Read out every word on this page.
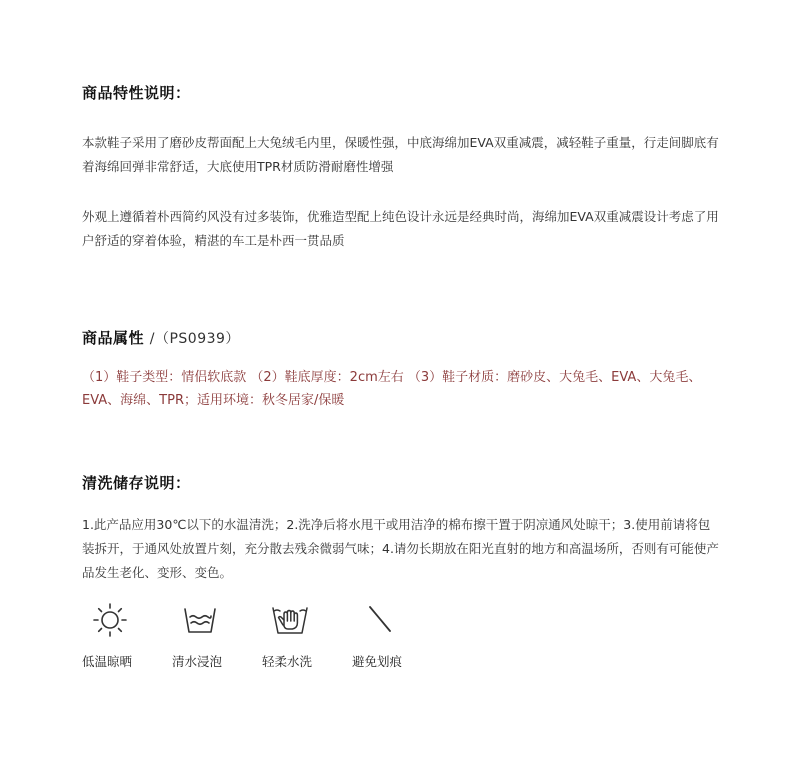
商品特性说明：

本款鞋子采用了磨砂皮帮面配上大兔绒毛内里，保暖性强，中底海绵加EVA双重减震，减轻鞋子重量，行走间脚底有着海绵回弹非常舒适，大底使用TPR材质防滑耐磨性增强

外观上遵循着朴西简约风没有过多装饰，优雅造型配上纯色设计永远是经典时尚，海绵加EVA双重减震设计考虑了用户舒适的穿着体验，精湛的车工是朴西一贯品质

商品属性 /（PS0939）

（1）鞋子类型：情侣软底款 （2）鞋底厚度：2cm左右 （3）鞋子材质：磨砂皮、大兔毛、EVA、大兔毛、EVA、海绵、TPR；适用环境：秋冬居家/保暖

清洗储存说明：

1.此产品应用30℃以下的水温清洗；2.洗净后将水甩干或用洁净的棉布擦干置于阴凉通风处晾干；3.使用前请将包装拆开，于通风处放置片刻，充分散去残余微弱气味；4.请勿长期放在阳光直射的地方和高温场所，否则有可能使产品发生老化、变形、变色。

低温晾晒	清水浸泡	轻柔水洗	避免划痕
